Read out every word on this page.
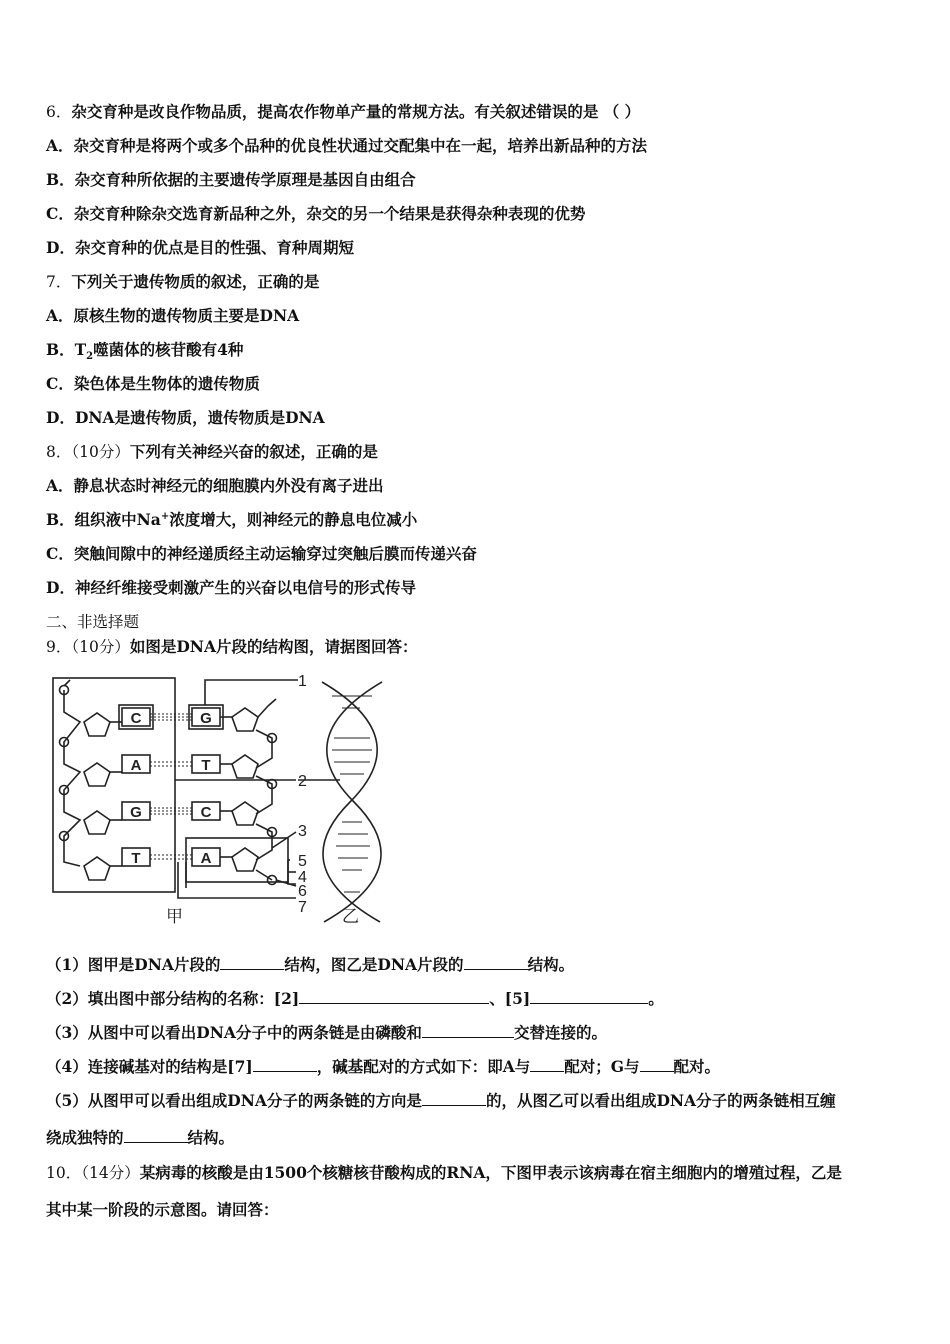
6．杂交育种是改良作物品质，提高农作物单产量的常规方法。有关叙述错误的是 （ ）
A．杂交育种是将两个或多个品种的优良性状通过交配集中在一起，培养出新品种的方法
B．杂交育种所依据的主要遗传学原理是基因自由组合
C．杂交育种除杂交选育新品种之外，杂交的另一个结果是获得杂种表现的优势
D．杂交育种的优点是目的性强、育种周期短
7．下列关于遗传物质的叙述，正确的是
A．原核生物的遗传物质主要是DNA
B．$T_2$噬菌体的核苷酸有4种
C．染色体是生物体的遗传物质
D．DNA是遗传物质，遗传物质是DNA
8．（10分）下列有关神经兴奋的叙述，正确的是
A．静息状态时神经元的细胞膜内外没有离子进出
B．组织液中Na+浓度增大，则神经元的静息电位减小
C．突触间隙中的神经递质经主动运输穿过突触后膜而传递兴奋
D．神经纤维接受刺激产生的兴奋以电信号的形式传导
二、非选择题
9．（10分）如图是DNA片段的结构图，请据图回答：
C
A
G
T
G
T
C
A
1
2
3
5
4
6
7
甲	乙
（1）图甲是DNA片段的	结构，图乙是DNA片段的	结构。
（2）填出图中部分结构的名称：[2]	、[5]	。
（3）从图中可以看出DNA分子中的两条链是由磷酸和	交替连接的。
（4）连接碱基对的结构是[7]	，碱基配对的方式如下：即A与 配对；G与 配对。
（5）从图甲可以看出组成DNA分子的两条链的方向是	的，从图乙可以看出组成DNA分子的两条链相互缠
绕成独特的	结构。
10．（14分）某病毒的核酸是由1500个核糖核苷酸构成的RNA，下图甲表示该病毒在宿主细胞内的增殖过程，乙是
其中某一阶段的示意图。请回答：
